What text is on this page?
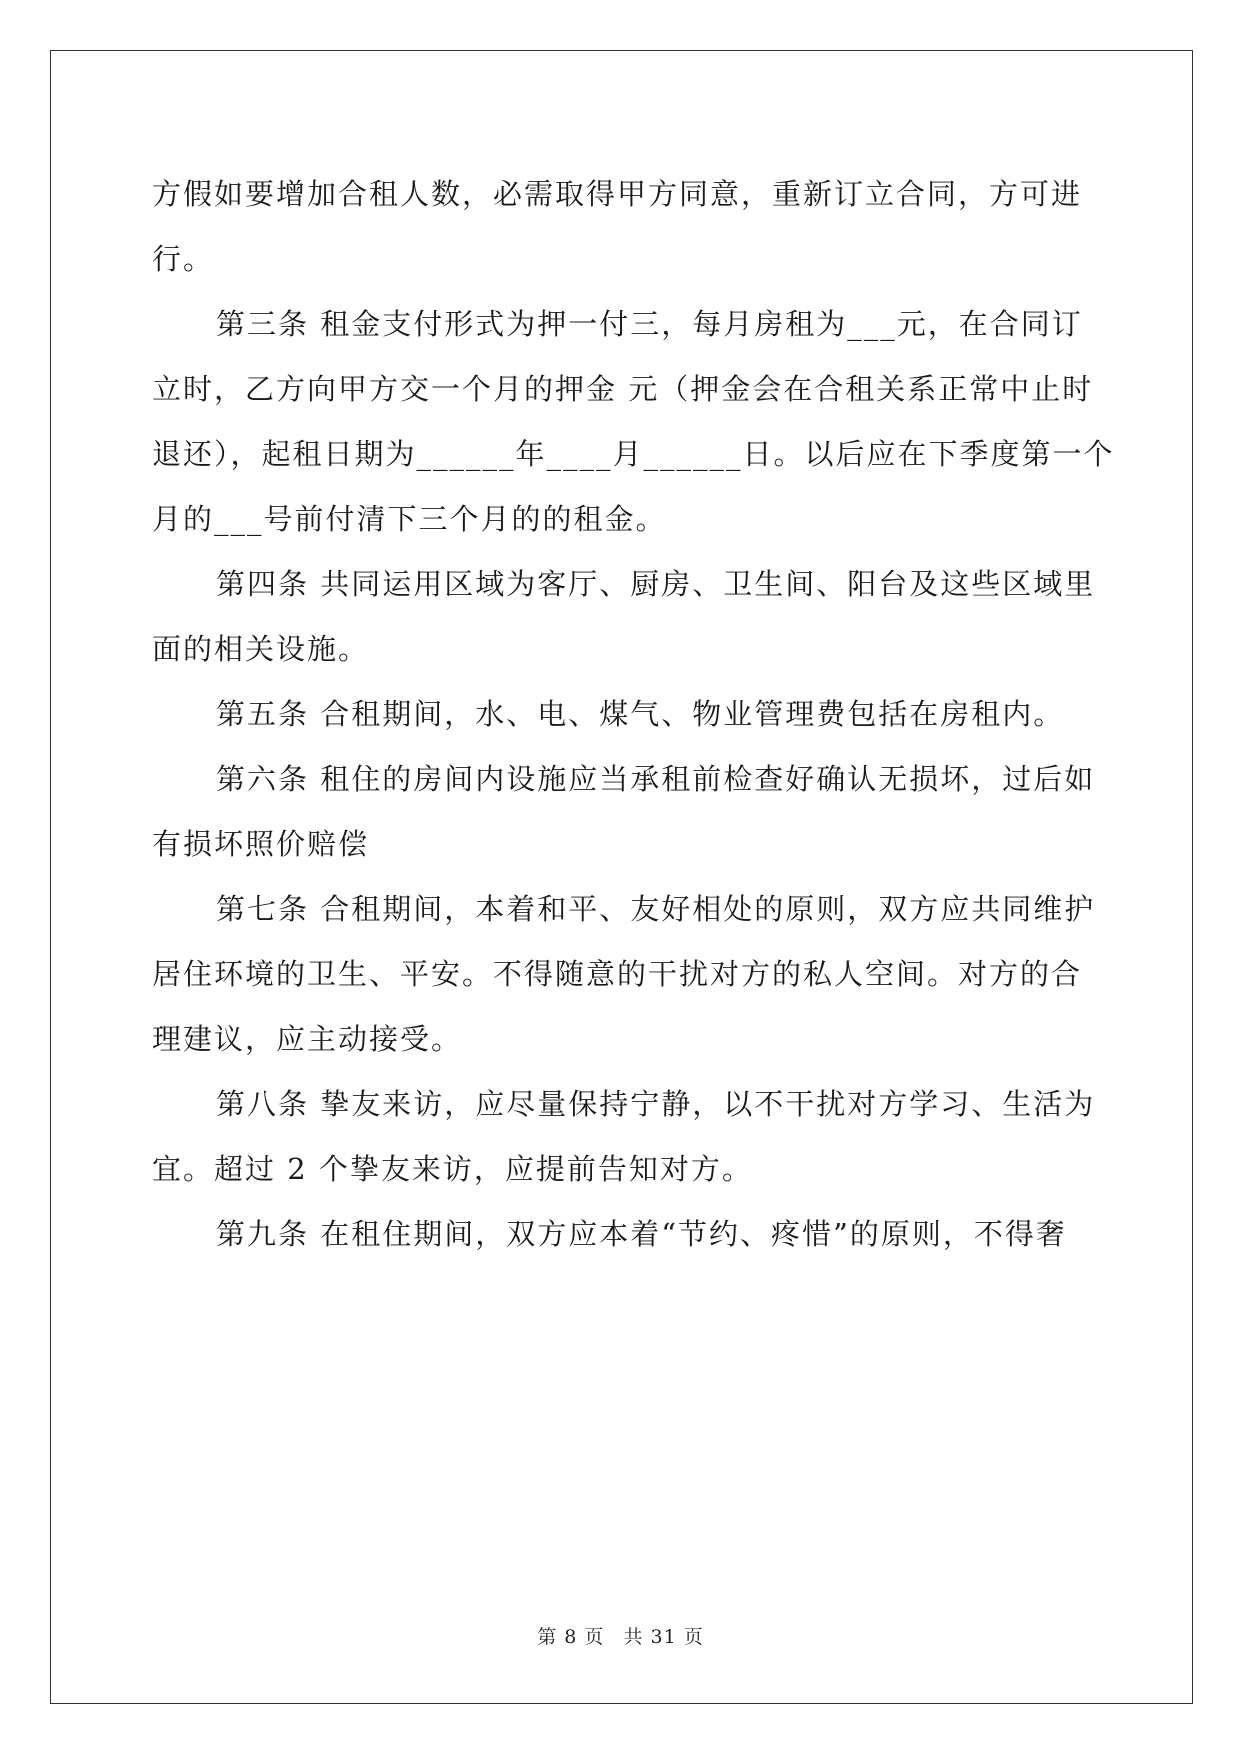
方假如要增加合租人数，必需取得甲方同意，重新订立合同，方可进
行。
第三条 租金支付形式为押一付三，每月房租为___元，在合同订
立时，乙方向甲方交一个月的押金 元（押金会在合租关系正常中止时
退还），起租日期为______年____月______日。以后应在下季度第一个
月的___号前付清下三个月的的租金。
第四条 共同运用区域为客厅、厨房、卫生间、阳台及这些区域里
面的相关设施。
第五条 合租期间，水、电、煤气、物业管理费包括在房租内。
第六条 租住的房间内设施应当承租前检查好确认无损坏，过后如
有损坏照价赔偿
第七条 合租期间，本着和平、友好相处的原则，双方应共同维护
居住环境的卫生、平安。不得随意的干扰对方的私人空间。对方的合
理建议，应主动接受。
第八条 挚友来访，应尽量保持宁静，以不干扰对方学习、生活为
宜。超过 2 个挚友来访，应提前告知对方。
第九条 在租住期间，双方应本着“节约、疼惜”的原则，不得奢
第 8 页 共 31 页
